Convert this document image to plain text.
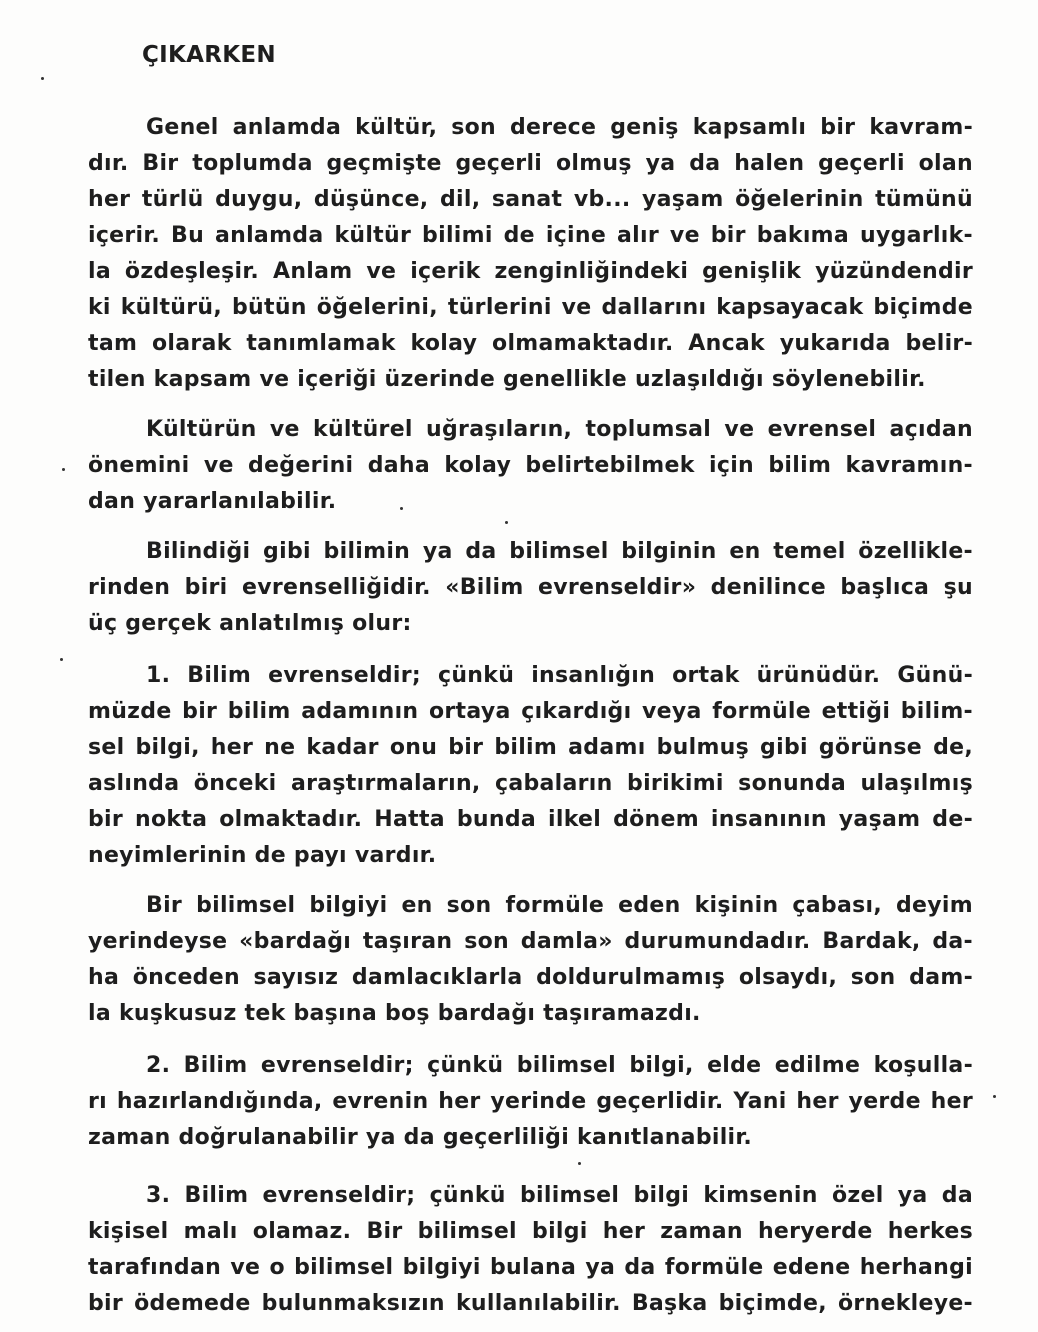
ÇIKARKEN
Genel anlamda kültür, son derece geniş kapsamlı bir kavram-
dır. Bir toplumda geçmişte geçerli olmuş ya da halen geçerli olan
her türlü duygu, düşünce, dil, sanat vb... yaşam öğelerinin tümünü
içerir. Bu anlamda kültür bilimi de içine alır ve bir bakıma uygarlık-
la özdeşleşir. Anlam ve içerik zenginliğindeki genişlik yüzündendir
ki kültürü, bütün öğelerini, türlerini ve dallarını kapsayacak biçimde
tam olarak tanımlamak kolay olmamaktadır. Ancak yukarıda belir-
tilen kapsam ve içeriği üzerinde genellikle uzlaşıldığı söylenebilir.
Kültürün ve kültürel uğraşıların, toplumsal ve evrensel açıdan
önemini ve değerini daha kolay belirtebilmek için bilim kavramın-
dan yararlanılabilir.
Bilindiği gibi bilimin ya da bilimsel bilginin en temel özellikle-
rinden biri evrenselliğidir. «Bilim evrenseldir» denilince başlıca şu
üç gerçek anlatılmış olur:
1. Bilim evrenseldir; çünkü insanlığın ortak ürünüdür. Günü-
müzde bir bilim adamının ortaya çıkardığı veya formüle ettiği bilim-
sel bilgi, her ne kadar onu bir bilim adamı bulmuş gibi görünse de,
aslında önceki araştırmaların, çabaların birikimi sonunda ulaşılmış
bir nokta olmaktadır. Hatta bunda ilkel dönem insanının yaşam de-
neyimlerinin de payı vardır.
Bir bilimsel bilgiyi en son formüle eden kişinin çabası, deyim
yerindeyse «bardağı taşıran son damla» durumundadır. Bardak, da-
ha önceden sayısız damlacıklarla doldurulmamış olsaydı, son dam-
la kuşkusuz tek başına boş bardağı taşıramazdı.
2. Bilim evrenseldir; çünkü bilimsel bilgi, elde edilme koşulla-
rı hazırlandığında, evrenin her yerinde geçerlidir. Yani her yerde her
zaman doğrulanabilir ya da geçerliliği kanıtlanabilir.
3. Bilim evrenseldir; çünkü bilimsel bilgi kimsenin özel ya da
kişisel malı olamaz. Bir bilimsel bilgi her zaman heryerde herkes
tarafından ve o bilimsel bilgiyi bulana ya da formüle edene herhangi
bir ödemede bulunmaksızın kullanılabilir. Başka biçimde, örnekleye-
